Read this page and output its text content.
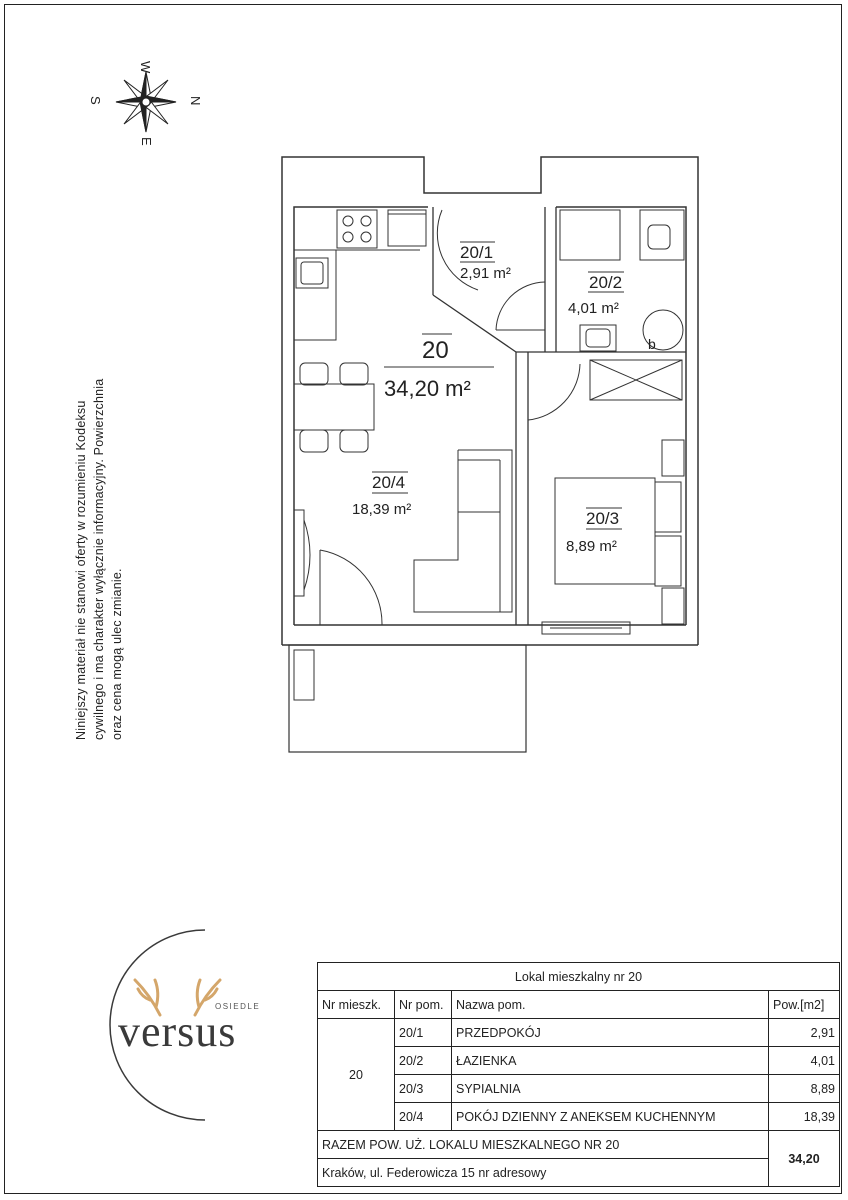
W
S	N
E
b
20
34,20 m²
20/1
2,91 m²	20/2
4,01 m²
20/3
8,89 m²
20/4
18,39 m²
Niniejszy materiał nie stanowi oferty w rozumieniu Kodeksu cywilnego i ma charakter wyłącznie informacyjny. Powierzchnia oraz cena mogą ulec zmianie.
OSIEDLE
versus
Lokal mieszkalny nr 20			
Nr mieszk.	Nr pom.	Nazwa pom.	Pow.[m2]
20	20/1	PRZEDPOKÓJ	2,91
	20/2	ŁAZIENKA	4,01
	20/3	SYPIALNIA	8,89
	20/4	POKÓJ DZIENNY Z ANEKSEM KUCHENNYM	18,39
RAZEM POW. UŻ. LOKALU MIESZKALNEGO NR 20			34,20
Kraków, ul. Federowicza 15 nr adresowy			
